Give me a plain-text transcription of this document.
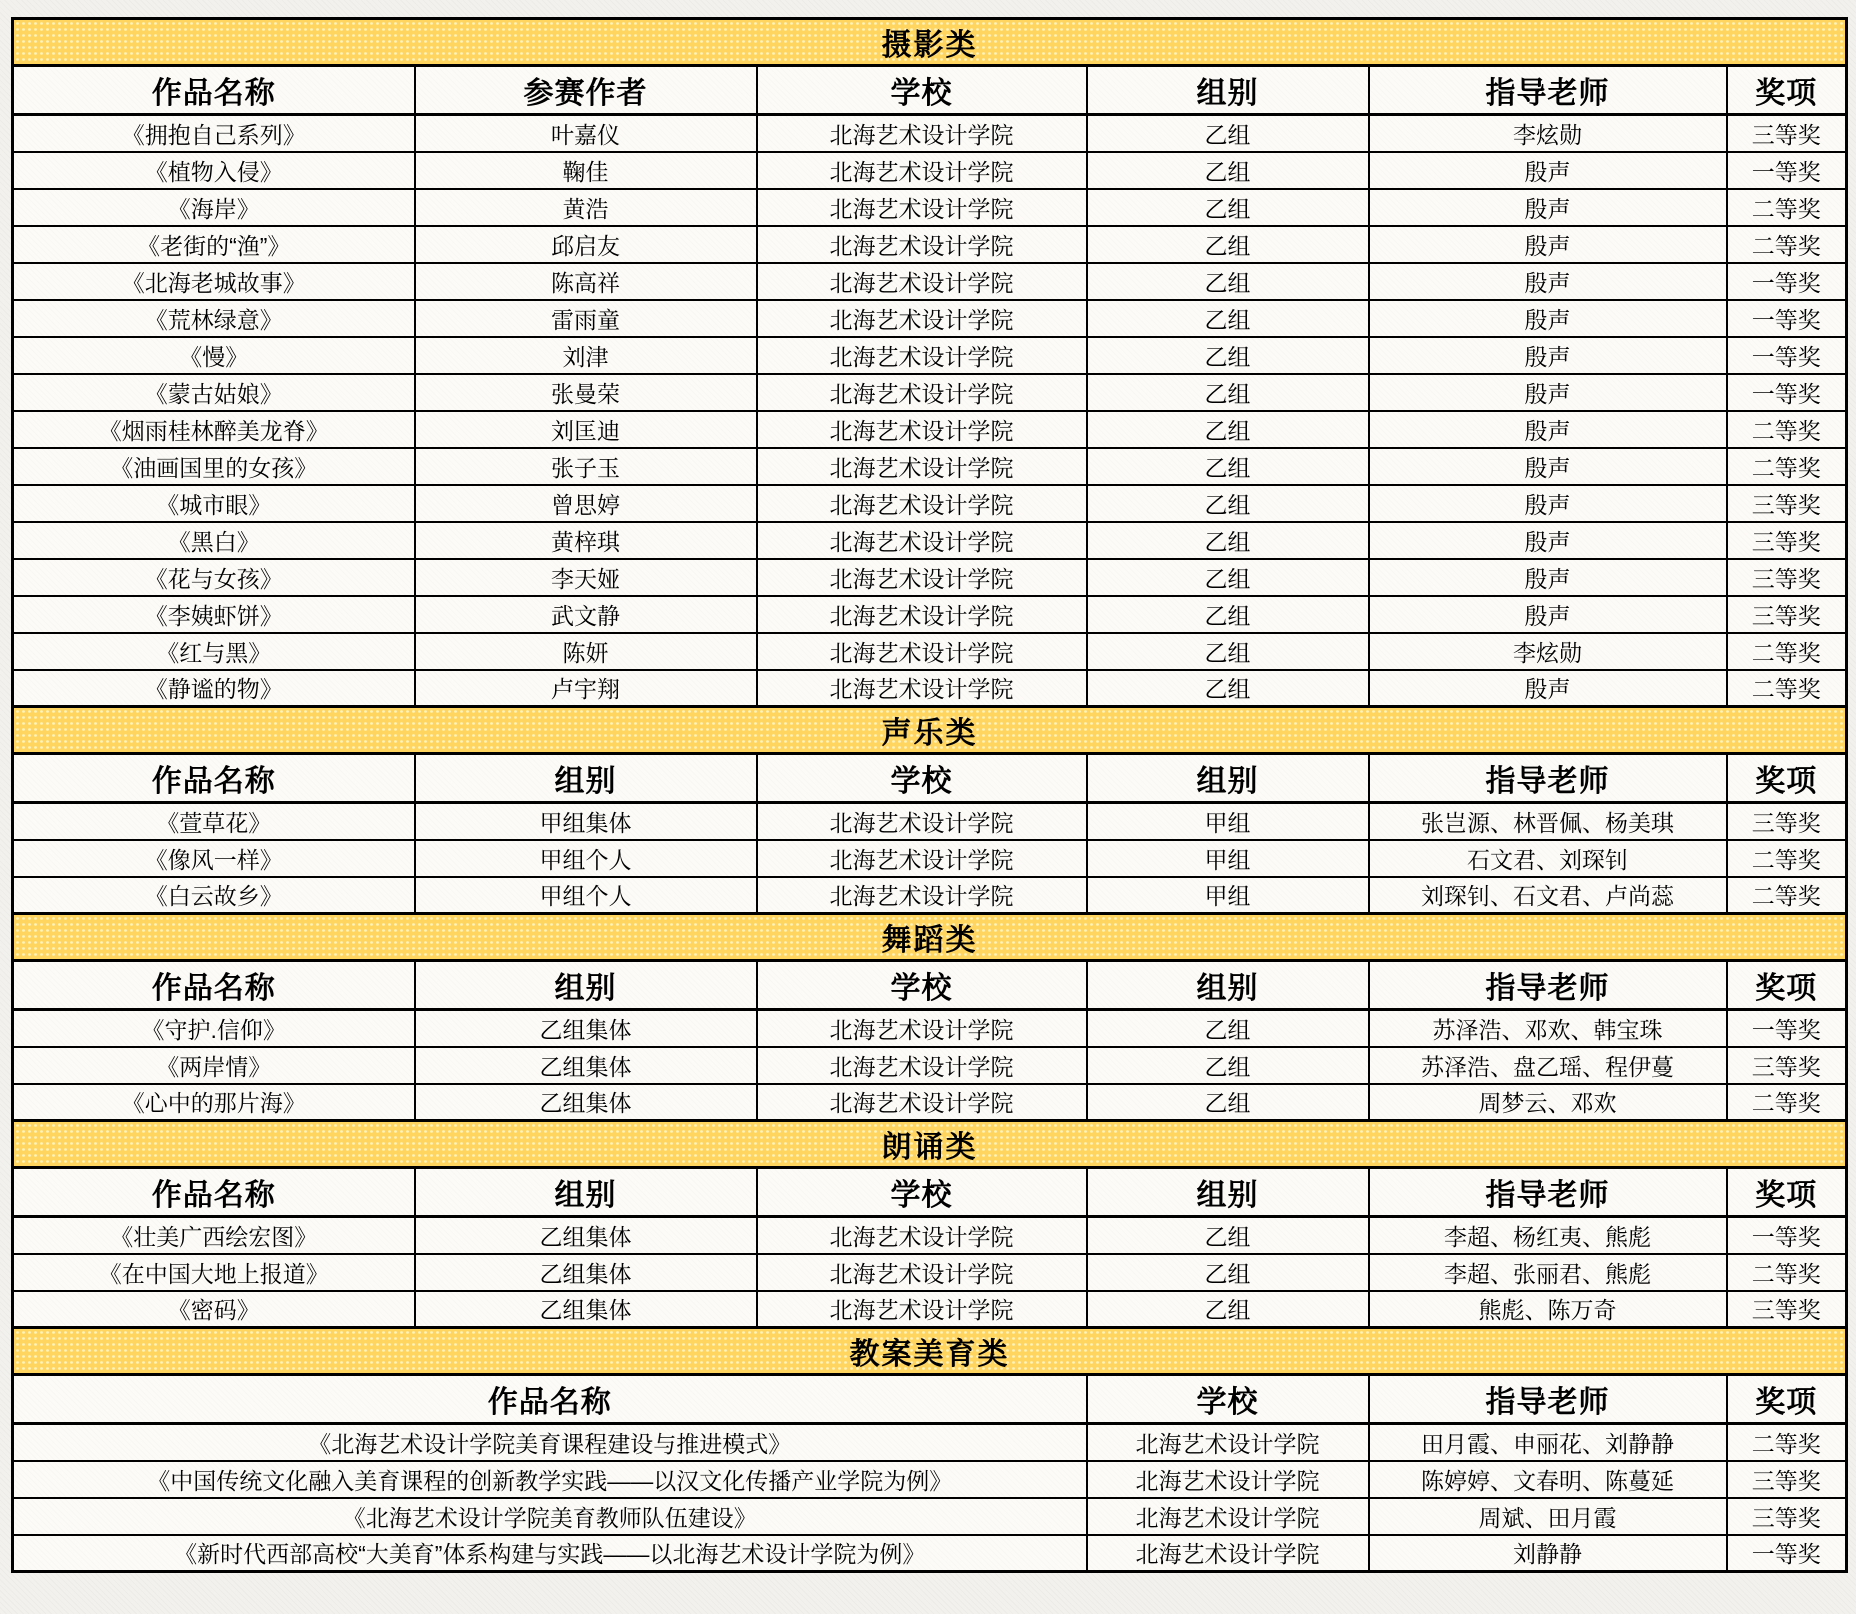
摄影类					
作品名称	参赛作者	学校	组别	指导老师	奖项
《拥抱自己系列》	叶嘉仪	北海艺术设计学院	乙组	李炫勋	三等奖
《植物入侵》	鞠佳	北海艺术设计学院	乙组	殷声	一等奖
《海岸》	黄浩	北海艺术设计学院	乙组	殷声	二等奖
《老街的“渔”》	邱启友	北海艺术设计学院	乙组	殷声	二等奖
《北海老城故事》	陈高祥	北海艺术设计学院	乙组	殷声	一等奖
《荒林绿意》	雷雨童	北海艺术设计学院	乙组	殷声	一等奖
《慢》	刘津	北海艺术设计学院	乙组	殷声	一等奖
《蒙古姑娘》	张曼荣	北海艺术设计学院	乙组	殷声	一等奖
《烟雨桂林醉美龙脊》	刘匡迪	北海艺术设计学院	乙组	殷声	二等奖
《油画国里的女孩》	张子玉	北海艺术设计学院	乙组	殷声	二等奖
《城市眼》	曾思婷	北海艺术设计学院	乙组	殷声	三等奖
《黑白》	黄梓琪	北海艺术设计学院	乙组	殷声	三等奖
《花与女孩》	李天娅	北海艺术设计学院	乙组	殷声	三等奖
《李姨虾饼》	武文静	北海艺术设计学院	乙组	殷声	三等奖
《红与黑》	陈妍	北海艺术设计学院	乙组	李炫勋	二等奖
《静谧的物》	卢宇翔	北海艺术设计学院	乙组	殷声	二等奖
声乐类					
作品名称	组别	学校	组别	指导老师	奖项
《萱草花》	甲组集体	北海艺术设计学院	甲组	张岂源、林晋佩、杨美琪	三等奖
《像风一样》	甲组个人	北海艺术设计学院	甲组	石文君、刘琛钊	二等奖
《白云故乡》	甲组个人	北海艺术设计学院	甲组	刘琛钊、石文君、卢尚蕊	二等奖
舞蹈类					
作品名称	组别	学校	组别	指导老师	奖项
《守护.信仰》	乙组集体	北海艺术设计学院	乙组	苏泽浩、邓欢、韩宝珠	一等奖
《两岸情》	乙组集体	北海艺术设计学院	乙组	苏泽浩、盘乙瑶、程伊蔓	三等奖
《心中的那片海》	乙组集体	北海艺术设计学院	乙组	周梦云、邓欢	二等奖
朗诵类					
作品名称	组别	学校	组别	指导老师	奖项
《壮美广西绘宏图》	乙组集体	北海艺术设计学院	乙组	李超、杨红夷、熊彪	一等奖
《在中国大地上报道》	乙组集体	北海艺术设计学院	乙组	李超、张丽君、熊彪	二等奖
《密码》	乙组集体	北海艺术设计学院	乙组	熊彪、陈万奇	三等奖
教案美育类					
作品名称			学校	指导老师	奖项
《北海艺术设计学院美育课程建设与推进模式》			北海艺术设计学院	田月霞、申丽花、刘静静	二等奖
《中国传统文化融入美育课程的创新教学实践——以汉文化传播产业学院为例》			北海艺术设计学院	陈婷婷、文春明、陈蔓延	三等奖
《北海艺术设计学院美育教师队伍建设》			北海艺术设计学院	周斌、田月霞	三等奖
《新时代西部高校“大美育”体系构建与实践——以北海艺术设计学院为例》			北海艺术设计学院	刘静静	一等奖
